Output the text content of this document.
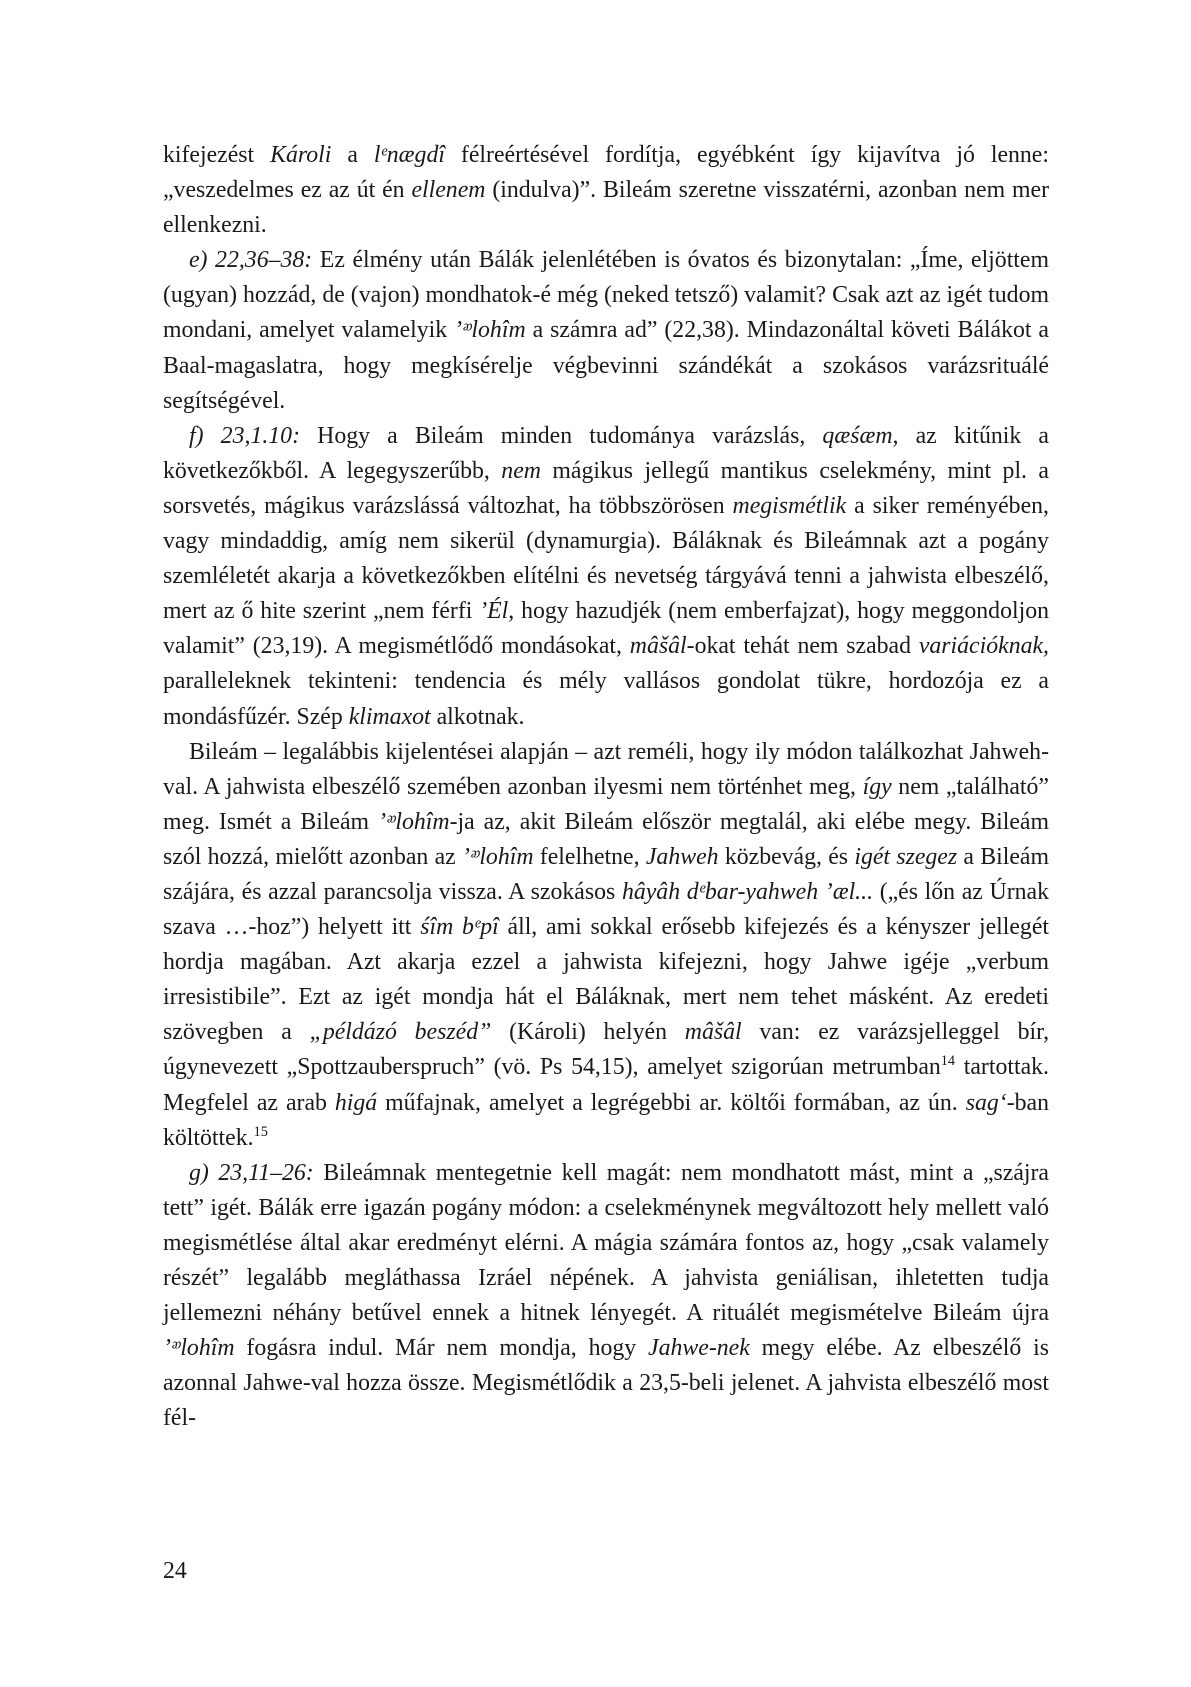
kifejezést Károli a lᵉnægdî félreértésével fordítja, egyébként így kijavítva jó lenne: „veszedelmes ez az út én ellenem (indulva)”. Bileám szeretne visszatérni, azonban nem mer ellenkezni.

e) 22,36–38: Ez élmény után Bálák jelenlétében is óvatos és bizonytalan: „Íme, eljöttem (ugyan) hozzád, de (vajon) mondhatok-é még (neked tetsző) valamit? Csak azt az igét tudom mondani, amelyet valamelyik ’ᵆlohîm a számra ad” (22,38). Mindazonáltal követi Bálákot a Baal-magaslatra, hogy megkísérelje végbevinni szándékát a szokásos varázsrituálé segítségével.

f) 23,1.10: Hogy a Bileám minden tudománya varázslás, qæśæm, az kitűnik a következőkből. A legegyszerűbb, nem mágikus jellegű mantikus cselekmény, mint pl. a sorsvetés, mágikus varázslássá változhat, ha többszörösen megismétlik a siker reményében, vagy mindaddig, amíg nem sikerül (dynamurgia). Báláknak és Bileámnak azt a pogány szemléletét akarja a következőkben elítélni és nevetség tárgyává tenni a jahwista elbeszélő, mert az ő hite szerint „nem férfi ’Él, hogy hazudjék (nem emberfajzat), hogy meggondoljon valamit” (23,19). A megismétlődő mondásokat, mâšâl-okat tehát nem szabad variációknak, paralleleknek tekinteni: tendencia és mély vallásos gondolat tükre, hordozója ez a mondásfűzér. Szép klimaxot alkotnak.

Bileám – legalábbis kijelentései alapján – azt reméli, hogy ily módon találkozhat Jahweh-val. A jahwista elbeszélő szemében azonban ilyesmi nem történhet meg, így nem „található” meg. Ismét a Bileám ’ᵆlohîm-ja az, akit Bileám először megtalál, aki elébe megy. Bileám szól hozzá, mielőtt azonban az ’ᵆlohîm felelhetne, Jahweh közbevág, és igét szegez a Bileám szájára, és azzal parancsolja vissza. A szokásos hâyâh dᵉbar-yahweh ’æl... („és lőn az Úrnak szava …-hoz”) helyett itt śîm bᵉpî áll, ami sokkal erősebb kifejezés és a kényszer jellegét hordja magában. Azt akarja ezzel a jahwista kifejezni, hogy Jahwe igéje „verbum irresistibile”. Ezt az igét mondja hát el Báláknak, mert nem tehet másként. Az eredeti szövegben a „példázó beszéd” (Károli) helyén mâšâl van: ez varázsjelleggel bír, úgynevezett „Spottzauberspruch” (vö. Ps 54,15), amelyet szigorúan metrumban$^{14}$ tartottak. Megfelel az arab higá műfajnak, amelyet a legrégebbi ar. költői formában, az ún. sag‘-ban költöttek.$^{15}$

g) 23,11–26: Bileámnak mentegetnie kell magát: nem mondhatott mást, mint a „szájra tett” igét. Bálák erre igazán pogány módon: a cselekménynek megváltozott hely mellett való megismétlése által akar eredményt elérni. A mágia számára fontos az, hogy „csak valamely részét” legalább megláthassa Izráel népének. A jahvista geniálisan, ihletetten tudja jellemezni néhány betűvel ennek a hitnek lényegét. A rituálét megismételve Bileám újra ’ᵆlohîm fogásra indul. Már nem mondja, hogy Jahwe-nek megy elébe. Az elbeszélő is azonnal Jahwe-val hozza össze. Megismétlődik a 23,5-beli jelenet. A jahvista elbeszélő most fél-

24
